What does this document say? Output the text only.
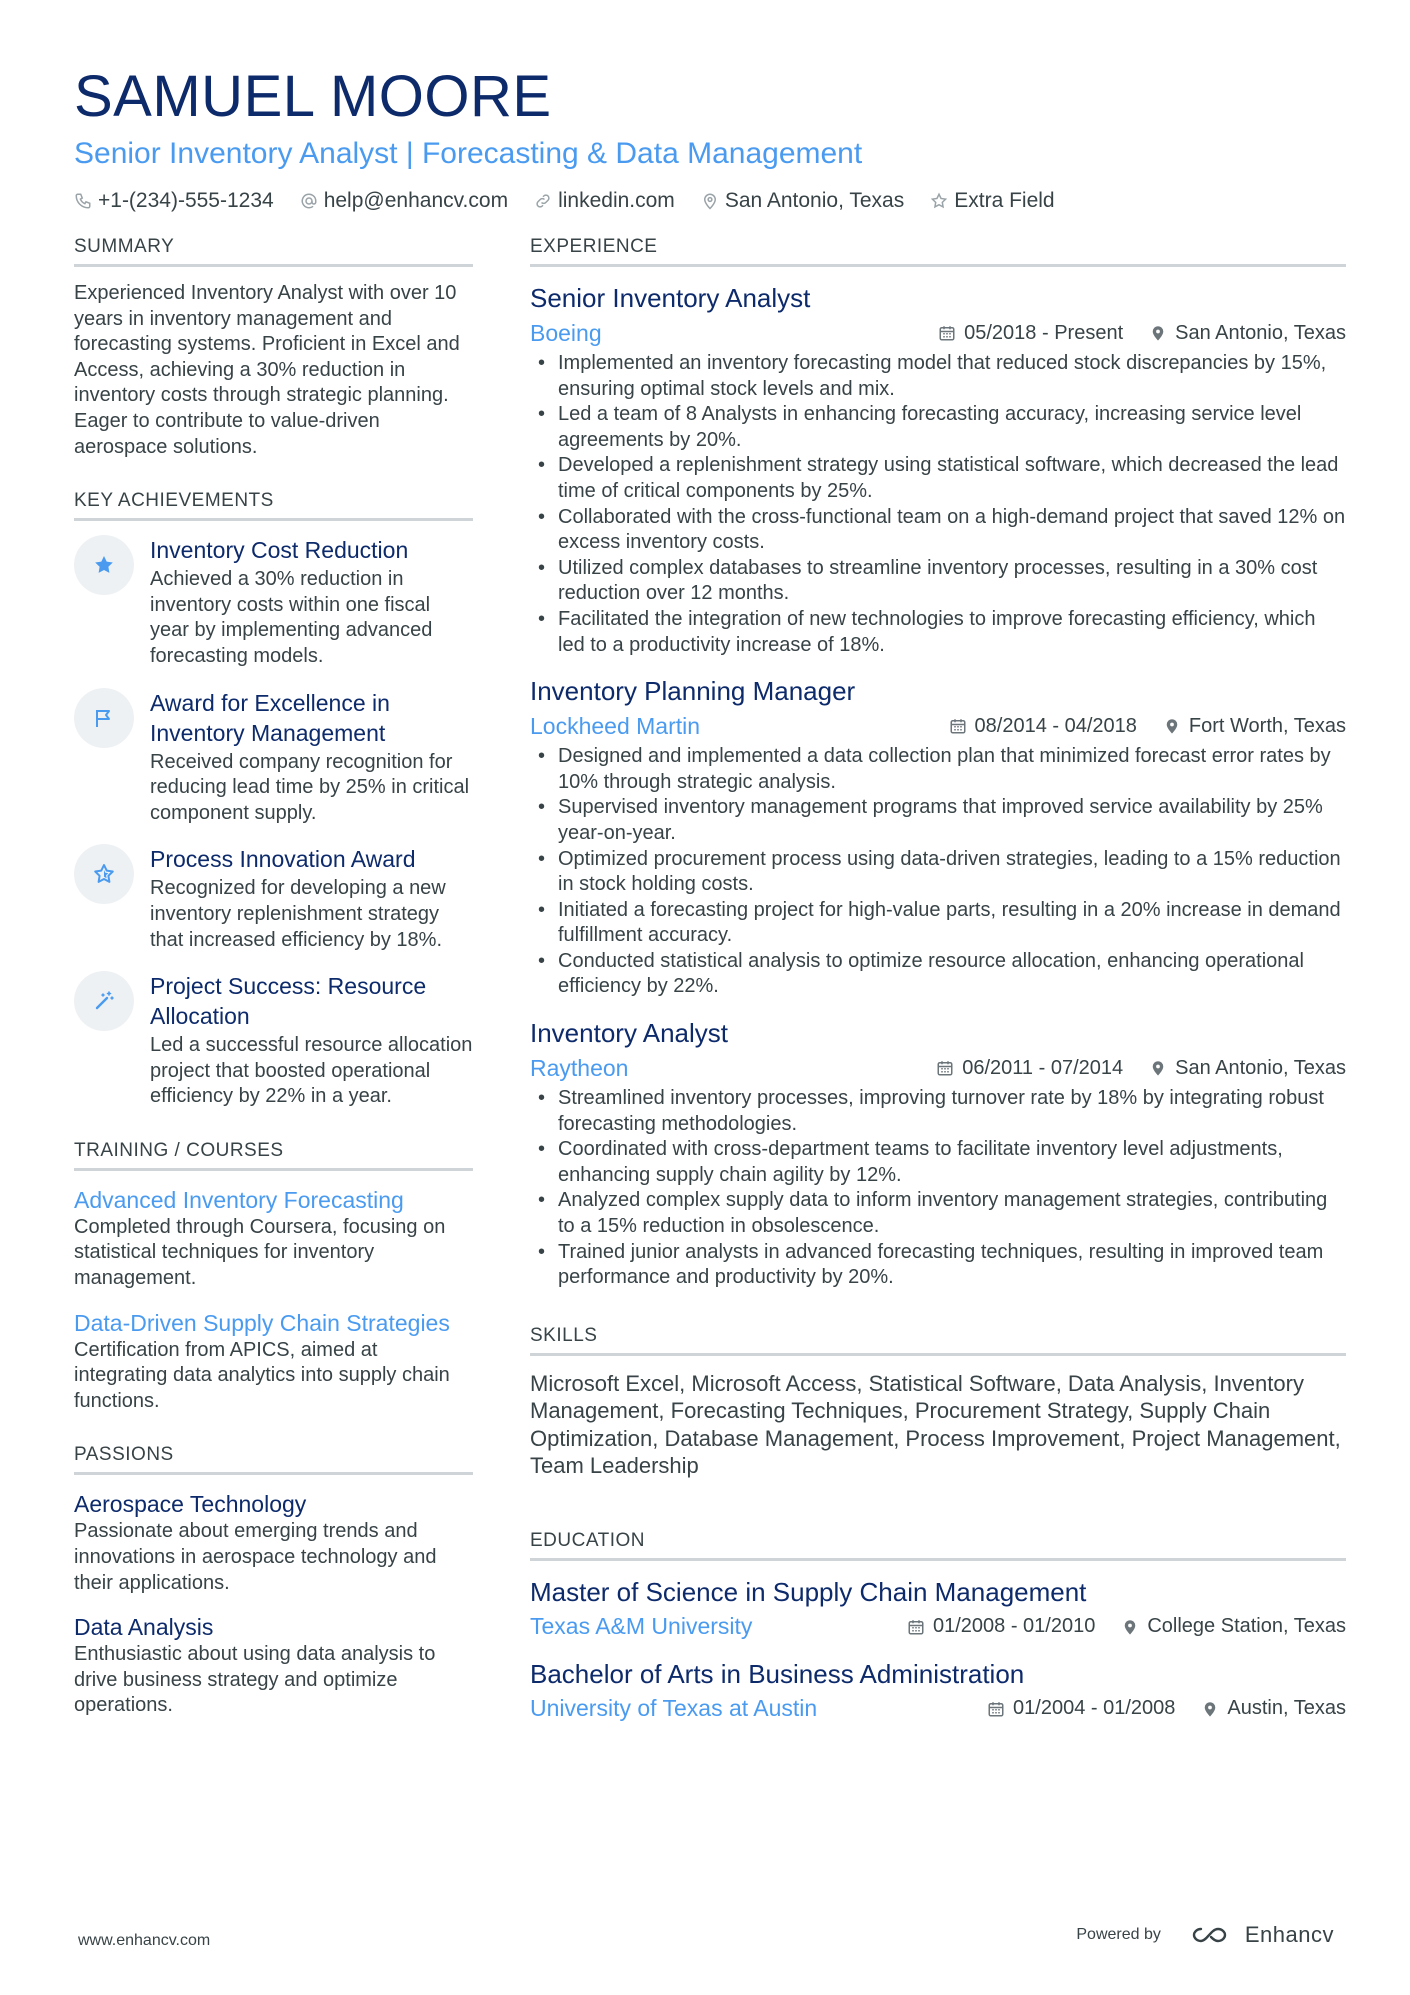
SAMUEL MOORE
Senior Inventory Analyst | Forecasting & Data Management
+1-(234)-555-1234 help@enhancv.com linkedin.com San Antonio, Texas Extra Field
SUMMARY
Experienced Inventory Analyst with over 10 years in inventory management and forecasting systems. Proficient in Excel and Access, achieving a 30% reduction in inventory costs through strategic planning. Eager to contribute to value-driven aerospace solutions.
KEY ACHIEVEMENTS
Inventory Cost Reduction
Achieved a 30% reduction in inventory costs within one fiscal year by implementing advanced forecasting models.
Award for Excellence in Inventory Management
Received company recognition for reducing lead time by 25% in critical component supply.
Process Innovation Award
Recognized for developing a new inventory replenishment strategy that increased efficiency by 18%.
Project Success: Resource Allocation
Led a successful resource allocation project that boosted operational efficiency by 22% in a year.
TRAINING / COURSES
Advanced Inventory Forecasting
Completed through Coursera, focusing on statistical techniques for inventory management.
Data-Driven Supply Chain Strategies
Certification from APICS, aimed at integrating data analytics into supply chain functions.
PASSIONS
Aerospace Technology
Passionate about emerging trends and innovations in aerospace technology and their applications.
Data Analysis
Enthusiastic about using data analysis to drive business strategy and optimize operations.
EXPERIENCE
Senior Inventory Analyst
Boeing	05/2018 - Present	San Antonio, Texas
• Implemented an inventory forecasting model that reduced stock discrepancies by 15%, ensuring optimal stock levels and mix.
• Led a team of 8 Analysts in enhancing forecasting accuracy, increasing service level agreements by 20%.
• Developed a replenishment strategy using statistical software, which decreased the lead time of critical components by 25%.
• Collaborated with the cross-functional team on a high-demand project that saved 12% on excess inventory costs.
• Utilized complex databases to streamline inventory processes, resulting in a 30% cost reduction over 12 months.
• Facilitated the integration of new technologies to improve forecasting efficiency, which led to a productivity increase of 18%.
Inventory Planning Manager
Lockheed Martin	08/2014 - 04/2018	Fort Worth, Texas
• Designed and implemented a data collection plan that minimized forecast error rates by 10% through strategic analysis.
• Supervised inventory management programs that improved service availability by 25% year-on-year.
• Optimized procurement process using data-driven strategies, leading to a 15% reduction in stock holding costs.
• Initiated a forecasting project for high-value parts, resulting in a 20% increase in demand fulfillment accuracy.
• Conducted statistical analysis to optimize resource allocation, enhancing operational efficiency by 22%.
Inventory Analyst
Raytheon	06/2011 - 07/2014	San Antonio, Texas
• Streamlined inventory processes, improving turnover rate by 18% by integrating robust forecasting methodologies.
• Coordinated with cross-department teams to facilitate inventory level adjustments, enhancing supply chain agility by 12%.
• Analyzed complex supply data to inform inventory management strategies, contributing to a 15% reduction in obsolescence.
• Trained junior analysts in advanced forecasting techniques, resulting in improved team performance and productivity by 20%.
SKILLS
Microsoft Excel, Microsoft Access, Statistical Software, Data Analysis, Inventory Management, Forecasting Techniques, Procurement Strategy, Supply Chain Optimization, Database Management, Process Improvement, Project Management, Team Leadership
EDUCATION
Master of Science in Supply Chain Management
Texas A&M University	01/2008 - 01/2010	College Station, Texas
Bachelor of Arts in Business Administration
University of Texas at Austin	01/2004 - 01/2008	Austin, Texas
www.enhancv.com	Powered by	Enhancv
